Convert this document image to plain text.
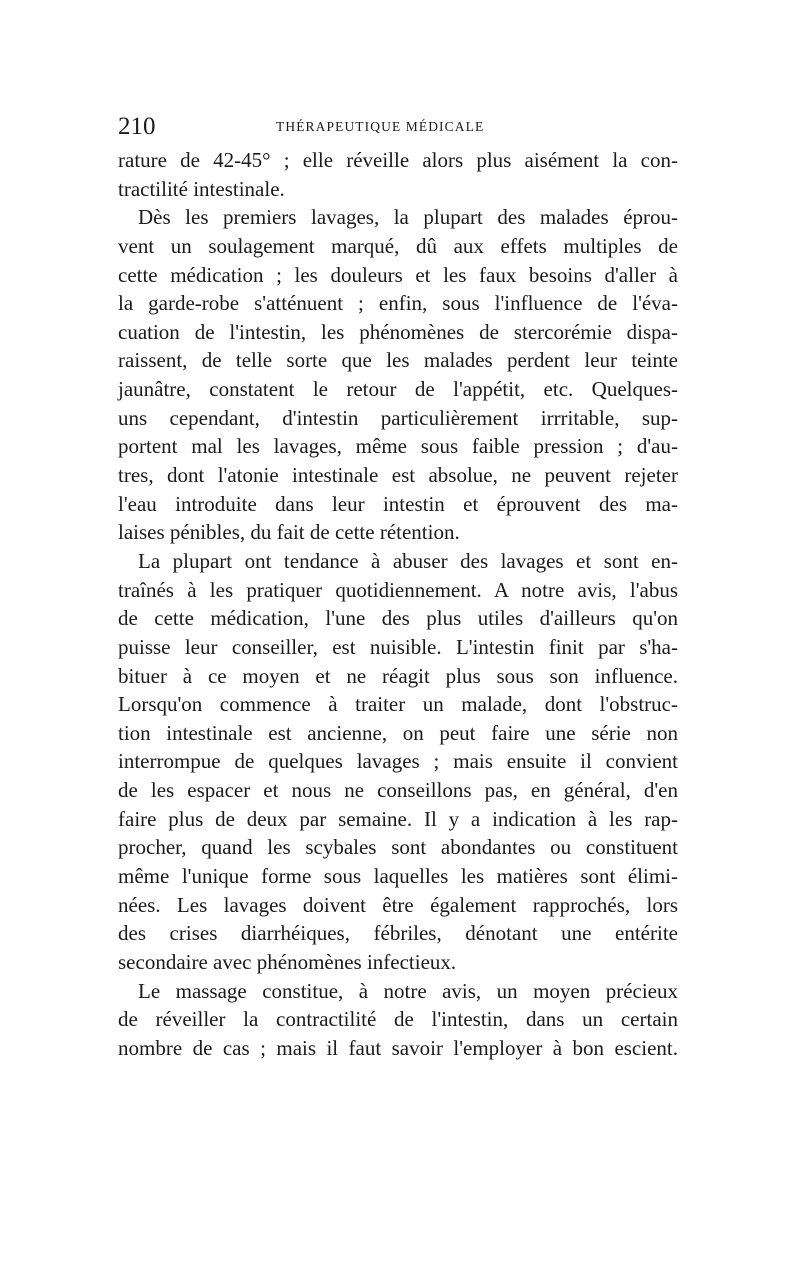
210	THÉRAPEUTIQUE MÉDICALE
rature de 42-45° ; elle réveille alors plus aisément la con-
tractilité intestinale.
Dès les premiers lavages, la plupart des malades éprou-
vent un soulagement marqué, dû aux effets multiples de
cette médication ; les douleurs et les faux besoins d'aller à
la garde-robe s'atténuent ; enfin, sous l'influence de l'éva-
cuation de l'intestin, les phénomènes de stercorémie dispa-
raissent, de telle sorte que les malades perdent leur teinte
jaunâtre, constatent le retour de l'appétit, etc. Quelques-
uns cependant, d'intestin particulièrement irrritable, sup-
portent mal les lavages, même sous faible pression ; d'au-
tres, dont l'atonie intestinale est absolue, ne peuvent rejeter
l'eau introduite dans leur intestin et éprouvent des ma-
laises pénibles, du fait de cette rétention.
La plupart ont tendance à abuser des lavages et sont en-
traînés à les pratiquer quotidiennement. A notre avis, l'abus
de cette médication, l'une des plus utiles d'ailleurs qu'on
puisse leur conseiller, est nuisible. L'intestin finit par s'ha-
bituer à ce moyen et ne réagit plus sous son influence.
Lorsqu'on commence à traiter un malade, dont l'obstruc-
tion intestinale est ancienne, on peut faire une série non
interrompue de quelques lavages ; mais ensuite il convient
de les espacer et nous ne conseillons pas, en général, d'en
faire plus de deux par semaine. Il y a indication à les rap-
procher, quand les scybales sont abondantes ou constituent
même l'unique forme sous laquelles les matières sont élimi-
nées. Les lavages doivent être également rapprochés, lors
des crises diarrhéiques, fébriles, dénotant une entérite
secondaire avec phénomènes infectieux.
Le massage constitue, à notre avis, un moyen précieux
de réveiller la contractilité de l'intestin, dans un certain
nombre de cas ; mais il faut savoir l'employer à bon escient.
